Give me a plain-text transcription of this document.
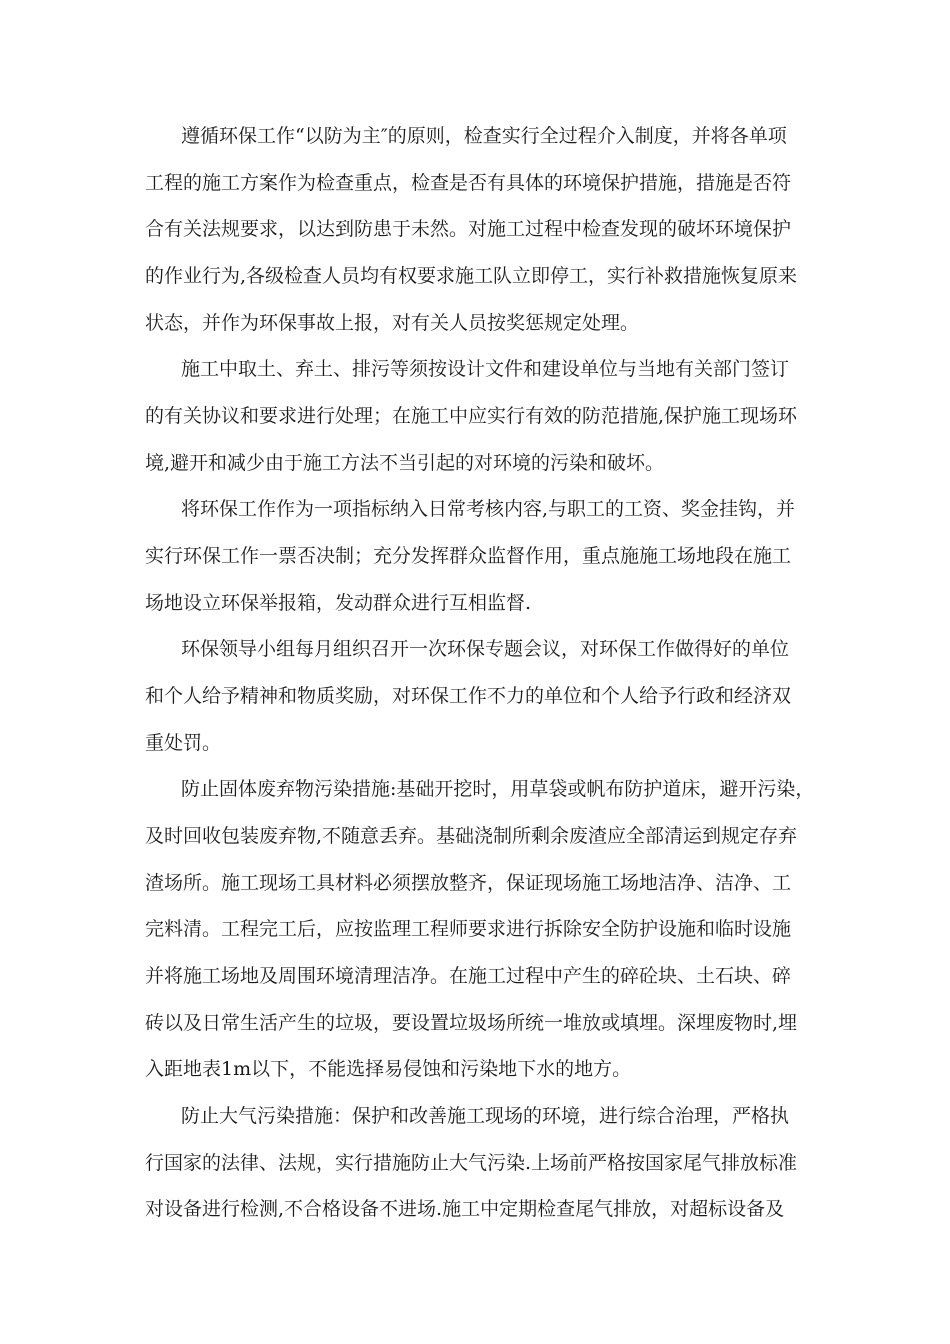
遵循环保工作“以防为主″的原则，检查实行全过程介入制度，并将各单项
工程的施工方案作为检查重点，检查是否有具体的环境保护措施，措施是否符
合有关法规要求，以达到防患于未然。对施工过程中检查发现的破坏环境保护
的作业行为,各级检查人员均有权要求施工队立即停工，实行补救措施恢复原来
状态，并作为环保事故上报，对有关人员按奖惩规定处理。
施工中取土、弃土、排污等须按设计文件和建设单位与当地有关部门签订
的有关协议和要求进行处理；在施工中应实行有效的防范措施,保护施工现场环
境,避开和减少由于施工方法不当引起的对环境的污染和破坏。
将环保工作作为一项指标纳入日常考核内容,与职工的工资、奖金挂钩，并
实行环保工作一票否决制；充分发挥群众监督作用，重点施施工场地段在施工
场地设立环保举报箱，发动群众进行互相监督.
环保领导小组每月组织召开一次环保专题会议，对环保工作做得好的单位
和个人给予精神和物质奖励，对环保工作不力的单位和个人给予行政和经济双
重处罚。
防止固体废弃物污染措施:基础开挖时，用草袋或帆布防护道床，避开污染，
及时回收包装废弃物,不随意丢弃。基础浇制所剩余废渣应全部清运到规定存弃
渣场所。施工现场工具材料必须摆放整齐，保证现场施工场地洁净、洁净、工
完料清。工程完工后，应按监理工程师要求进行拆除安全防护设施和临时设施
并将施工场地及周围环境清理洁净。在施工过程中产生的碎砼块、土石块、碎
砖以及日常生活产生的垃圾，要设置垃圾场所统一堆放或填埋。深埋废物时,埋
入距地表1m以下，不能选择易侵蚀和污染地下水的地方。
防止大气污染措施：保护和改善施工现场的环境，进行综合治理，严格执
行国家的法律、法规，实行措施防止大气污染.上场前严格按国家尾气排放标准
对设备进行检测,不合格设备不进场.施工中定期检查尾气排放，对超标设备及
